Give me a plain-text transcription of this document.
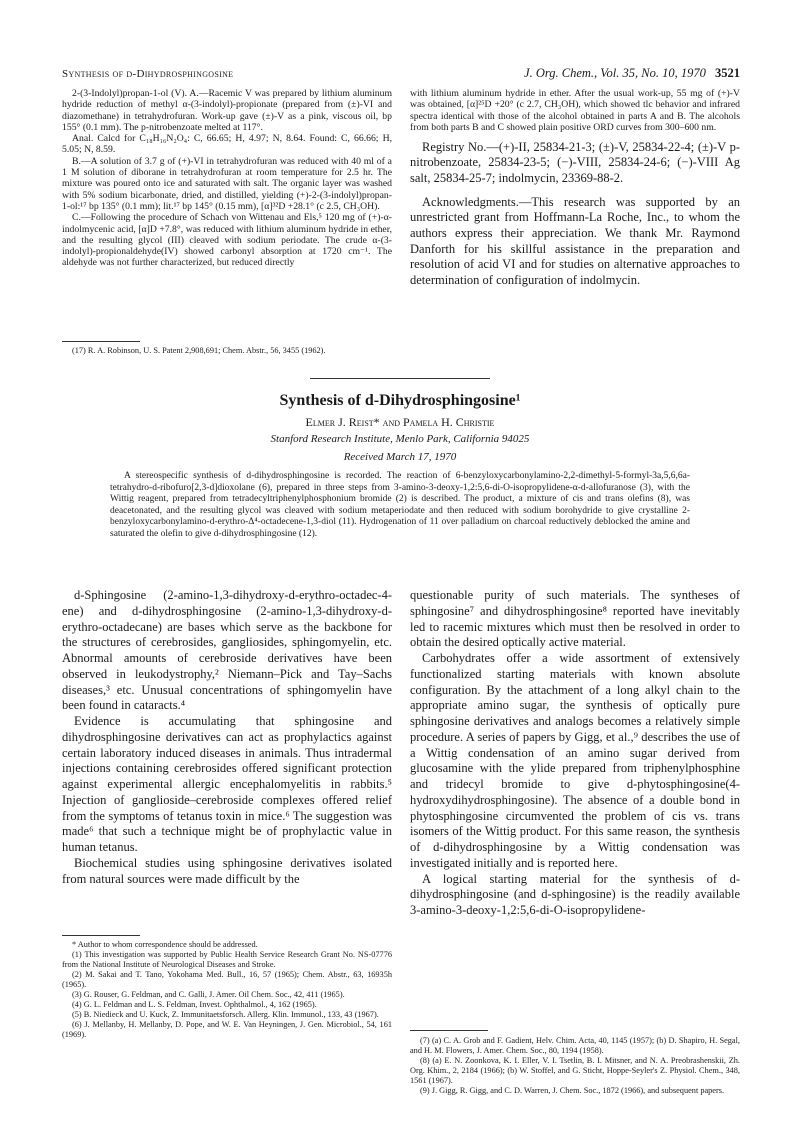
Synthesis of d-Dihydrosphingosine	J. Org. Chem., Vol. 35, No. 10, 1970 3521

2-(3-Indolyl)propan-1-ol (V). A.—Racemic V was prepared by lithium aluminum hydride reduction of methyl α-(3-indolyl)-propionate (prepared from (±)-VI and diazomethane) in tetrahydrofuran. Work-up gave (±)-V as a pink, viscous oil, bp 155° (0.1 mm). The p-nitrobenzoate melted at 117°.

Anal. Calcd for C₁₈H₁₆N₂O₄: C, 66.65; H, 4.97; N, 8.64. Found: C, 66.66; H, 5.05; N, 8.59.

B.—A solution of 3.7 g of (+)-VI in tetrahydrofuran was reduced with 40 ml of a 1 M solution of diborane in tetrahydrofuran at room temperature for 2.5 hr. The mixture was poured onto ice and saturated with salt. The organic layer was washed with 5% sodium bicarbonate, dried, and distilled, yielding (+)-2-(3-indolyl)propan-1-ol:¹⁷ bp 135° (0.1 mm); lit.¹⁷ bp 145° (0.15 mm), [α]³²D +28.1° (c 2.5, CH₃OH).

C.—Following the procedure of Schach von Wittenau and Els,⁵ 120 mg of (+)-α-indolmycenic acid, [α]D +7.8°, was reduced with lithium aluminum hydride in ether, and the resulting glycol (III) cleaved with sodium periodate. The crude α-(3-indolyl)-propionaldehyde(IV) showed carbonyl absorption at 1720 cm⁻¹. The aldehyde was not further characterized, but reduced directly

(17) R. A. Robinson, U. S. Patent 2,908,691; Chem. Abstr., 56, 3455 (1962).

with lithium aluminum hydride in ether. After the usual work-up, 55 mg of (+)-V was obtained, [α]²⁵D +20° (c 2.7, CH₃OH), which showed tlc behavior and infrared spectra identical with those of the alcohol obtained in parts A and B. The alcohols from both parts B and C showed plain positive ORD curves from 300–600 nm.

Registry No.—(+)-II, 25834-21-3; (±)-V, 25834-22-4; (±)-V p-nitrobenzoate, 25834-23-5; (−)-VIII, 25834-24-6; (−)-VIII Ag salt, 25834-25-7; indolmycin, 23369-88-2.

Acknowledgments.—This research was supported by an unrestricted grant from Hoffmann-La Roche, Inc., to whom the authors express their appreciation. We thank Mr. Raymond Danforth for his skillful assistance in the preparation and resolution of acid VI and for studies on alternative approaches to determination of configuration of indolmycin.

Synthesis of d-Dihydrosphingosine¹
Elmer J. Reist* and Pamela H. Christie
Stanford Research Institute, Menlo Park, California 94025
Received March 17, 1970
A stereospecific synthesis of d-dihydrosphingosine is recorded. The reaction of 6-benzyloxycarbonylamino-2,2-dimethyl-5-formyl-3a,5,6,6a-tetrahydro-d-ribofuro[2,3-d]dioxolane (6), prepared in three steps from 3-amino-3-deoxy-1,2:5,6-di-O-isopropylidene-α-d-allofuranose (3), with the Wittig reagent, prepared from tetradecyltriphenylphosphonium bromide (2) is described. The product, a mixture of cis and trans olefins (8), was deacetonated, and the resulting glycol was cleaved with sodium metaperiodate and then reduced with sodium borohydride to give crystalline 2-benzyloxycarbonylamino-d-erythro-Δ⁴-octadecene-1,3-diol (11). Hydrogenation of 11 over palladium on charcoal reductively deblocked the amine and saturated the olefin to give d-dihydrosphingosine (12).

d-Sphingosine (2-amino-1,3-dihydroxy-d-erythro-octadec-4-ene) and d-dihydrosphingosine (2-amino-1,3-dihydroxy-d-erythro-octadecane) are bases which serve as the backbone for the structures of cerebrosides, gangliosides, sphingomyelin, etc. Abnormal amounts of cerebroside derivatives have been observed in leukodystrophy,² Niemann–Pick and Tay–Sachs diseases,³ etc. Unusual concentrations of sphingomyelin have been found in cataracts.⁴

Evidence is accumulating that sphingosine and dihydrosphingosine derivatives can act as prophylactics against certain laboratory induced diseases in animals. Thus intradermal injections containing cerebrosides offered significant protection against experimental allergic encephalomyelitis in rabbits.⁵ Injection of ganglioside–cerebroside complexes offered relief from the symptoms of tetanus toxin in mice.⁶ The suggestion was made⁶ that such a technique might be of prophylactic value in human tetanus.

Biochemical studies using sphingosine derivatives isolated from natural sources were made difficult by the

* Author to whom correspondence should be addressed.

(1) This investigation was supported by Public Health Service Research Grant No. NS-07776 from the National Institute of Neurological Diseases and Stroke.

(2) M. Sakai and T. Tano, Yokohama Med. Bull., 16, 57 (1965); Chem. Abstr., 63, 16935h (1965).

(3) G. Rouser, G. Feldman, and C. Galli, J. Amer. Oil Chem. Soc., 42, 411 (1965).

(4) G. L. Feldman and L. S. Feldman, Invest. Ophthalmol., 4, 162 (1965).

(5) B. Niedieck and U. Kuck, Z. Immunitaetsforsch. Allerg. Klin. Immunol., 133, 43 (1967).

(6) J. Mellanby, H. Mellanby, D. Pope, and W. E. Van Heyningen, J. Gen. Microbiol., 54, 161 (1969).

questionable purity of such materials. The syntheses of sphingosine⁷ and dihydrosphingosine⁸ reported have inevitably led to racemic mixtures which must then be resolved in order to obtain the desired optically active material.

Carbohydrates offer a wide assortment of extensively functionalized starting materials with known absolute configuration. By the attachment of a long alkyl chain to the appropriate amino sugar, the synthesis of optically pure sphingosine derivatives and analogs becomes a relatively simple procedure. A series of papers by Gigg, et al.,⁹ describes the use of a Wittig condensation of an amino sugar derived from glucosamine with the ylide prepared from triphenylphosphine and tridecyl bromide to give d-phytosphingosine(4-hydroxydihydrosphingosine). The absence of a double bond in phytosphingosine circumvented the problem of cis vs. trans isomers of the Wittig product. For this same reason, the synthesis of d-dihydrosphingosine by a Wittig condensation was investigated initially and is reported here.

A logical starting material for the synthesis of d-dihydrosphingosine (and d-sphingosine) is the readily available 3-amino-3-deoxy-1,2:5,6-di-O-isopropylidene-

(7) (a) C. A. Grob and F. Gadient, Helv. Chim. Acta, 40, 1145 (1957); (b) D. Shapiro, H. Segal, and H. M. Flowers, J. Amer. Chem. Soc., 80, 1194 (1958).

(8) (a) E. N. Zoonkova, K. I. Eller, V. I. Tsetlin, B. I. Mitsner, and N. A. Preobrashenskii, Zh. Org. Khim., 2, 2184 (1966); (b) W. Stoffel, and G. Sticht, Hoppe-Seyler's Z. Physiol. Chem., 348, 1561 (1967).

(9) J. Gigg, R. Gigg, and C. D. Warren, J. Chem. Soc., 1872 (1966), and subsequent papers.
